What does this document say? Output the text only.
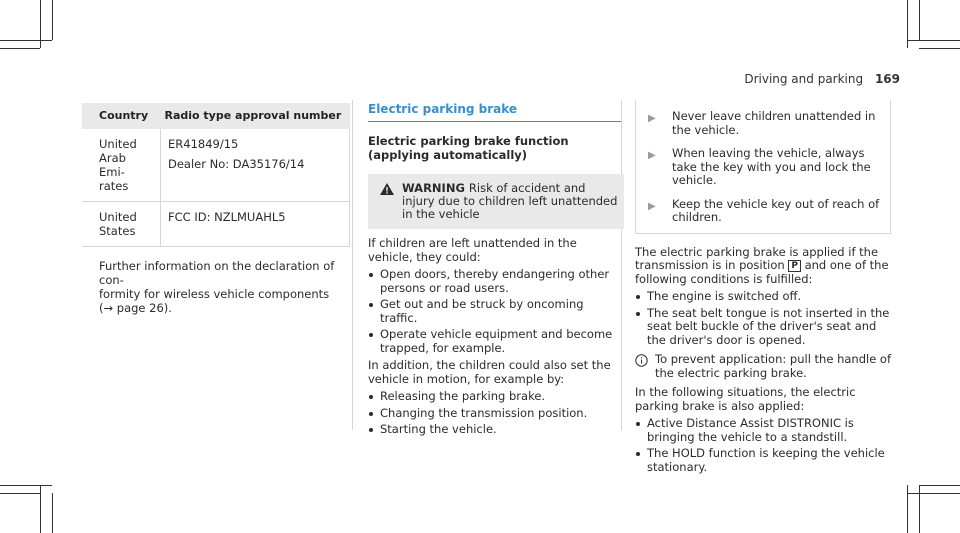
Driving and parking 169
Country	Radio type approval number

United
Arab Emi-
rates	ER41849/15
Dealer No: DA35176/14

United
States	FCC ID: NZLMUAHL5
Further information on the declaration of con-
formity for wireless vehicle components
(→ page 26).
Electric parking brake
Electric parking brake function (applying automatically)
WARNING Risk of accident and injury due to children left unattended in the vehicle
If children are left unattended in the vehicle, they could:
Open doors, thereby endangering other persons or road users.
Get out and be struck by oncoming traffic.
Operate vehicle equipment and become trapped, for example.
In addition, the children could also set the vehicle in motion, for example by:
Releasing the parking brake.
Changing the transmission position.
Starting the vehicle.
▶	Never leave children unattended in the vehicle.
▶	When leaving the vehicle, always take the key with you and lock the vehicle.
▶	Keep the vehicle key out of reach of children.
The electric parking brake is applied if the transmission is in position P and one of the following conditions is fulfilled:
The engine is switched off.
The seat belt tongue is not inserted in the seat belt buckle of the driver's seat and the driver's door is opened.
To prevent application: pull the handle of the electric parking brake.
In the following situations, the electric parking brake is also applied:
Active Distance Assist DISTRONIC is bringing the vehicle to a standstill.
The HOLD function is keeping the vehicle stationary.
